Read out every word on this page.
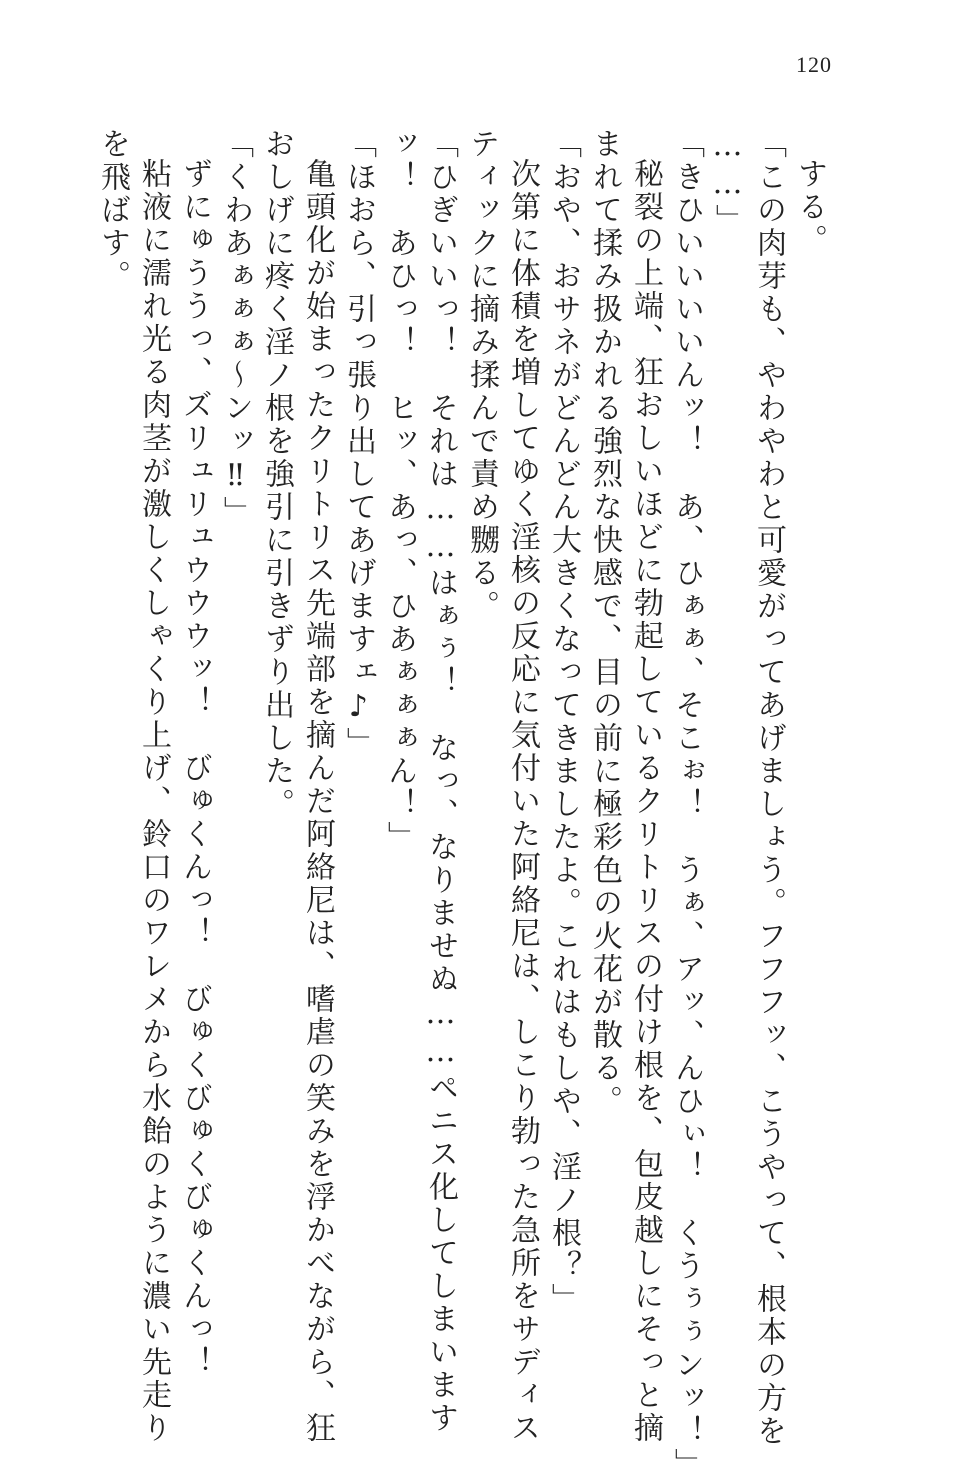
120

する。

「この肉芽も、やわやわと可愛がってあげましょう。フフフッ、こうやって、根本の方を

……」

「きひいいいいんッ！　あ、ひぁぁ、そこぉ！　うぁ、アッ、んひぃ！　くうぅぅンッ！」

秘裂の上端、狂おしいほどに勃起しているクリトリスの付け根を、包皮越しにそっと摘

まれて揉み扱かれる強烈な快感で、目の前に極彩色の火花が散る。

「おや、おサネがどんどん大きくなってきましたよ。これはもしや、淫ノ根？」

次第に体積を増してゆく淫核の反応に気付いた阿絡尼は、しこり勃った急所をサディス

ティックに摘み揉んで責め嬲る。

「ひぎいいっ！　それは……はぁぅ！　なっ、なりませぬ……ペニス化してしまいます

ッ！　あひっ！　ヒッ、あっ、ひあぁぁぁん！」

「ほおら、引っ張り出してあげますェ♪」

亀頭化が始まったクリトリス先端部を摘んだ阿絡尼は、嗜虐の笑みを浮かべながら、狂

おしげに疼く淫ノ根を強引に引きずり出した。

「くわあぁぁぁ〜ンッ‼」

ずにゅううっ、ズリュリュウウウッ！　びゅくんっ！　びゅくびゅくびゅくんっ！

粘液に濡れ光る肉茎が激しくしゃくり上げ、鈴口のワレメから水飴のように濃い先走り

を飛ばす。
